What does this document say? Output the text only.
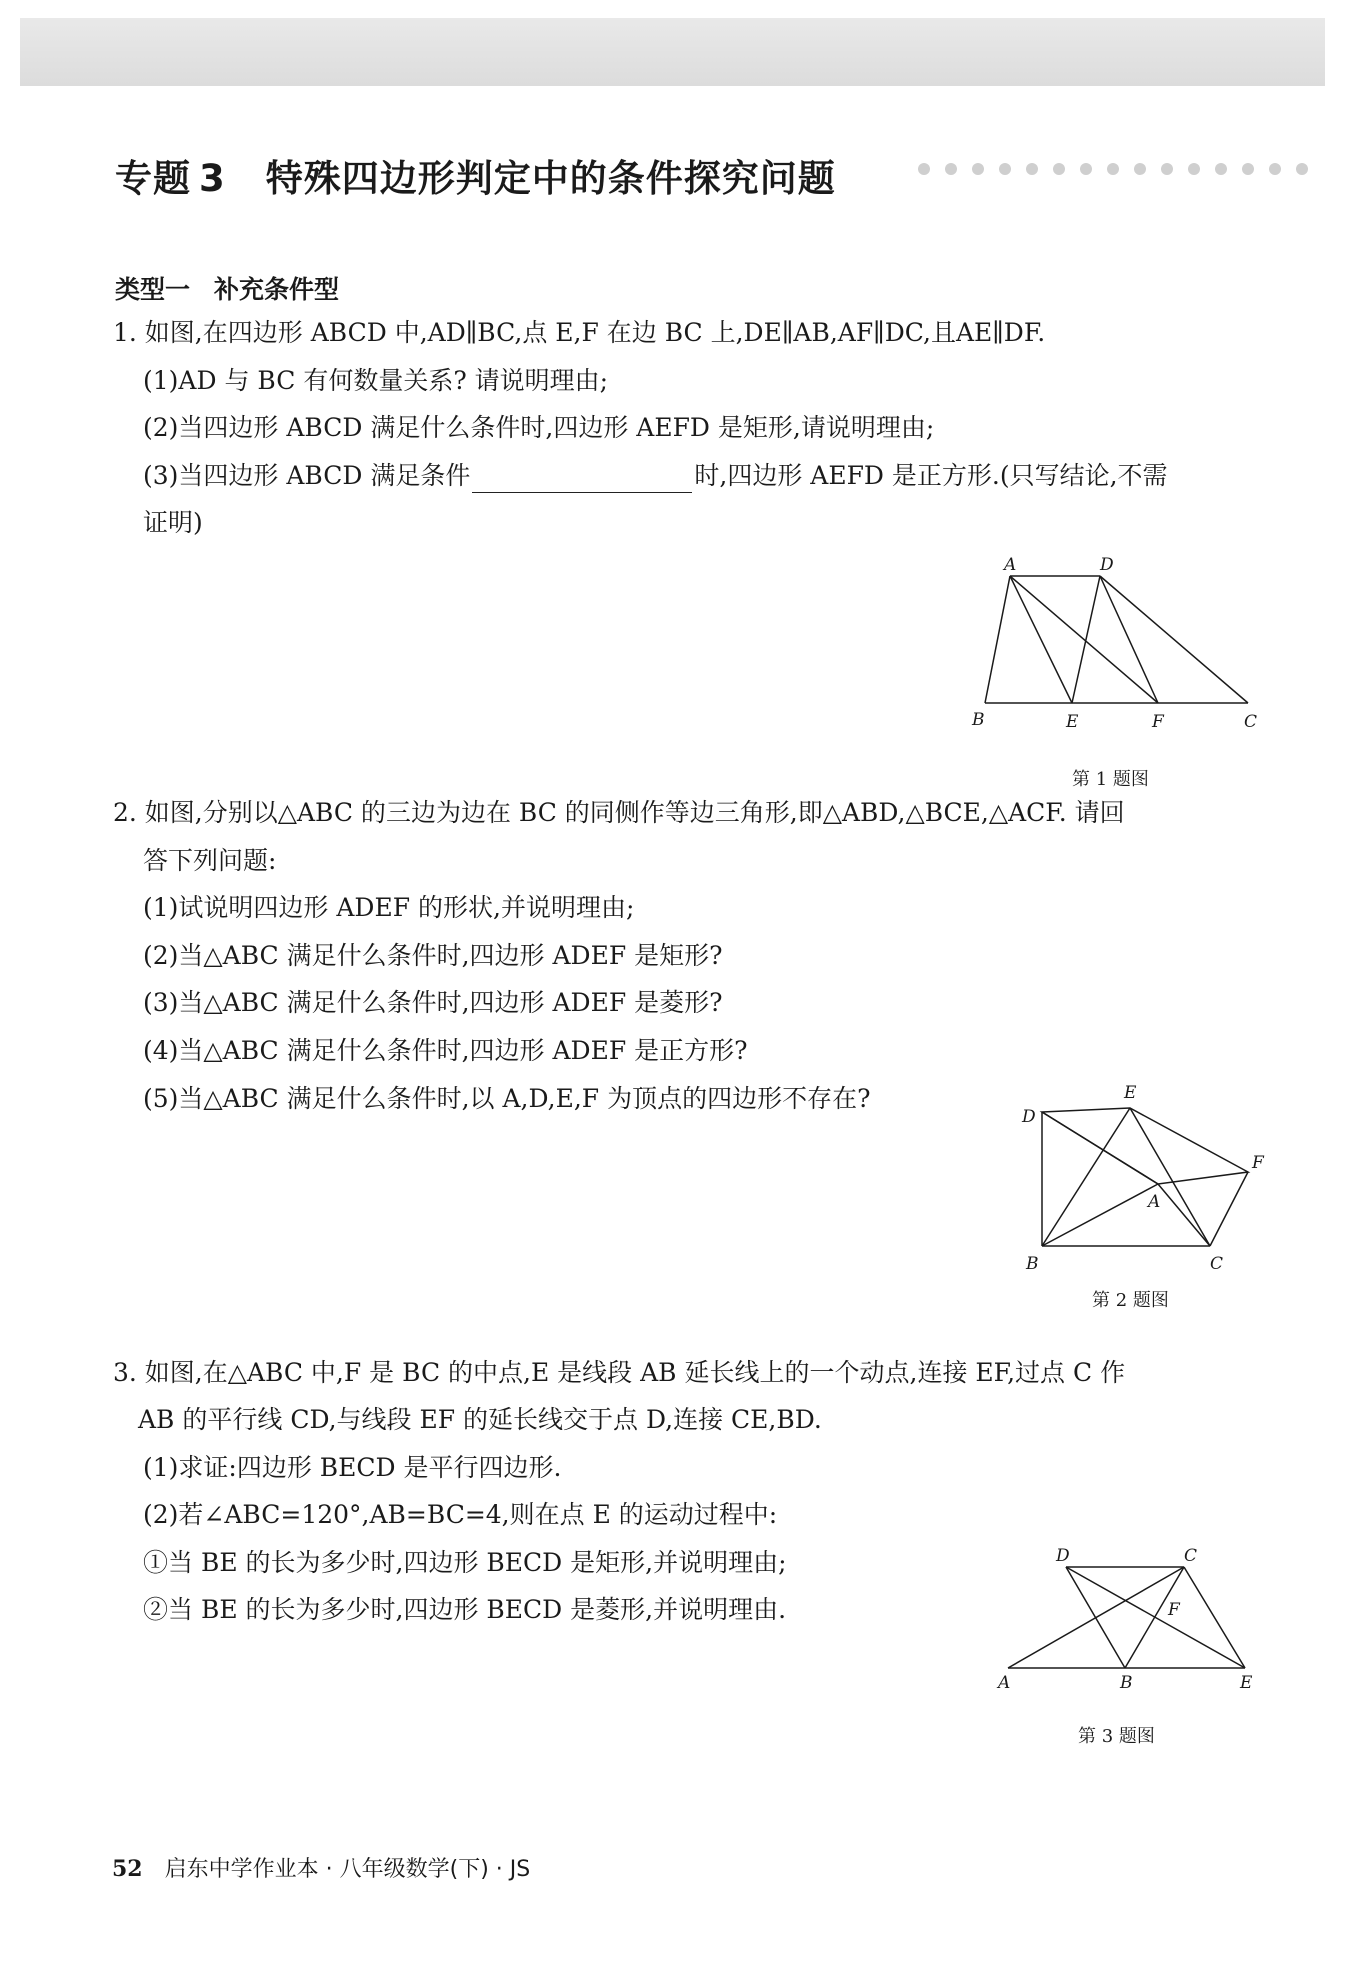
专题 3 特殊四边形判定中的条件探究问题
类型一 补充条件型
1. 如图,在四边形 ABCD 中,AD∥BC,点 E,F 在边 BC 上,DE∥AB,AF∥DC,且AE∥DF.
(1)AD 与 BC 有何数量关系? 请说明理由;
(2)当四边形 ABCD 满足什么条件时,四边形 AEFD 是矩形,请说明理由;
(3)当四边形 ABCD 满足条件	时,四边形 AEFD 是正方形.(只写结论,不需
证明)
A	D
B	E	F	C
第 1 题图
2. 如图,分别以△ABC 的三边为边在 BC 的同侧作等边三角形,即△ABD,△BCE,△ACF. 请回
答下列问题:
(1)试说明四边形 ADEF 的形状,并说明理由;
(2)当△ABC 满足什么条件时,四边形 ADEF 是矩形?
(3)当△ABC 满足什么条件时,四边形 ADEF 是菱形?
(4)当△ABC 满足什么条件时,四边形 ADEF 是正方形?
(5)当△ABC 满足什么条件时,以 A,D,E,F 为顶点的四边形不存在?
D
E
F
A
B	C
第 2 题图
3. 如图,在△ABC 中,F 是 BC 的中点,E 是线段 AB 延长线上的一个动点,连接 EF,过点 C 作
AB 的平行线 CD,与线段 EF 的延长线交于点 D,连接 CE,BD.
(1)求证:四边形 BECD 是平行四边形.
(2)若∠ABC=120°,AB=BC=4,则在点 E 的运动过程中:
①当 BE 的长为多少时,四边形 BECD 是矩形,并说明理由;
②当 BE 的长为多少时,四边形 BECD 是菱形,并说明理由.
D	C
F
A	B	E
第 3 题图
52 启东中学作业本 · 八年级数学(下) · JS
